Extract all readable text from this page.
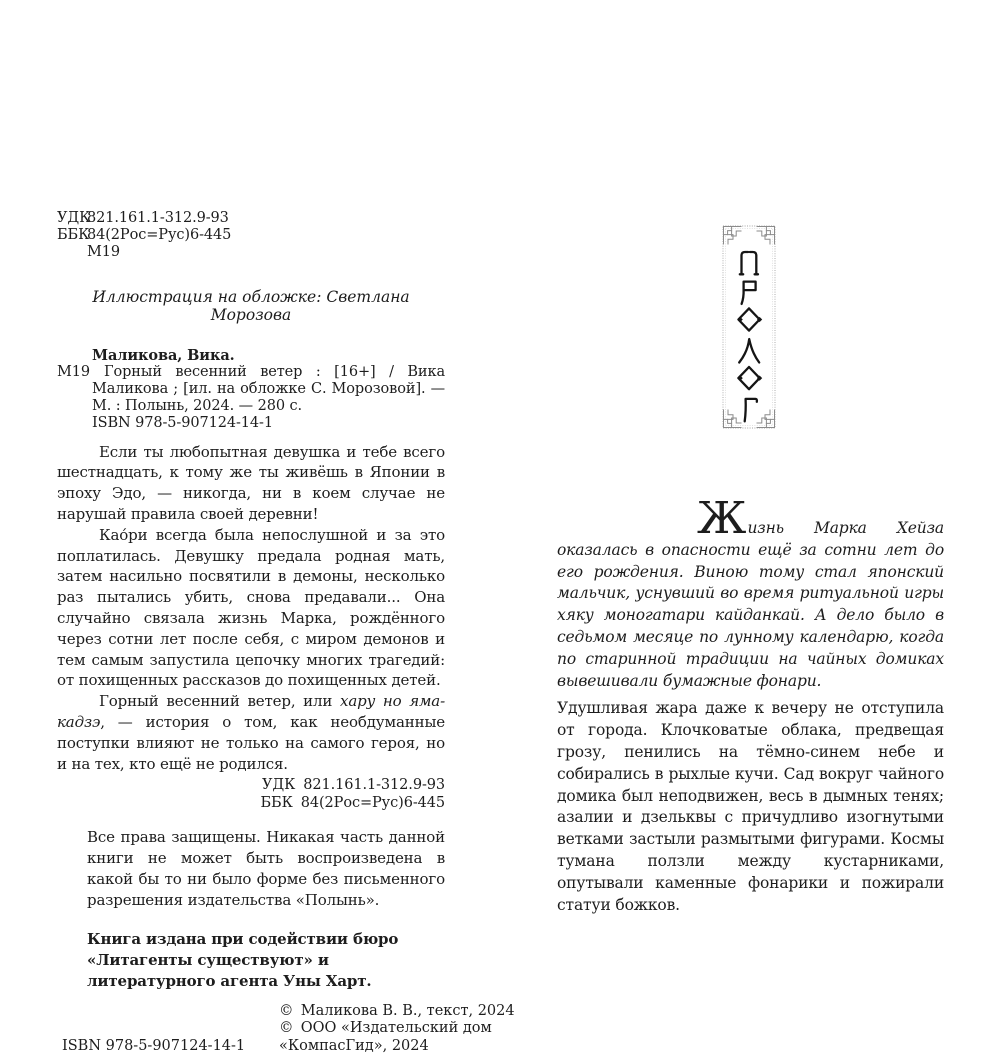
УДК821.161.1-312.9-93
ББК84(2Рос=Рус)6-445
М19

Иллюстрация на обложке: Светлана Морозова

М19

Маликова, Вика.

Горный весенний ветер : [16+] / Вика Маликова ; [ил. на обложке С. Морозовой]. — М. : Полынь, 2024. — 280 с.

ISBN 978-5-907124-14-1

Если ты любопытная девушка и тебе всего шестнадцать, к тому же ты живёшь в Японии в эпоху Эдо, — никогда, ни в коем случае не нарушай правила своей деревни!

Као́ри всегда была непослушной и за это поплатилась. Девушку предала родная мать, затем насильно посвятили в демоны, несколько раз пытались убить, снова предавали... Она случайно связала жизнь Марка, рождённого через сотни лет после себя, с миром демонов и тем самым запустила цепочку многих трагедий: от похищенных рассказов до похищенных детей.

Горный весенний ветер, или хару но яма-кадзэ, — история о том, как необдуманные поступки влияют не только на самого героя, но и на тех, кто ещё не родился.

УДК 821.161.1-312.9-93
ББК 84(2Рос=Рус)6-445

Все права защищены. Никакая часть данной книги не может быть воспроизведена в какой бы то ни было форме без письменного разрешения издательства «Полынь».

Книга издана при содействии бюро «Литагенты существуют» и литературного агента Уны Харт.

© Маликова В. В., текст, 2024
© ООО «Издательский дом
«КомпасГид», 2024
ISBN 978-5-907124-14-1

Жизнь Марка Хейза оказалась в опасности ещё за сотни лет до его рождения. Виною тому стал японский мальчик, уснувший во время ритуальной игры хяку моногатари кайданкай. А дело было в седьмом месяце по лунному календарю, когда по старинной традиции на чайных домиках вывешивали бумажные фонари.

Удушливая жара даже к вечеру не отступила от города. Клочковатые облака, предвещая грозу, пенились на тёмно-синем небе и собирались в рыхлые кучи. Сад вокруг чайного домика был неподвижен, весь в дымных тенях; азалии и дзельквы с причудливо изогнутыми ветками застыли размытыми фигурами. Космы тумана ползли между кустарниками, опутывали каменные фонарики и пожирали статуи божков.
